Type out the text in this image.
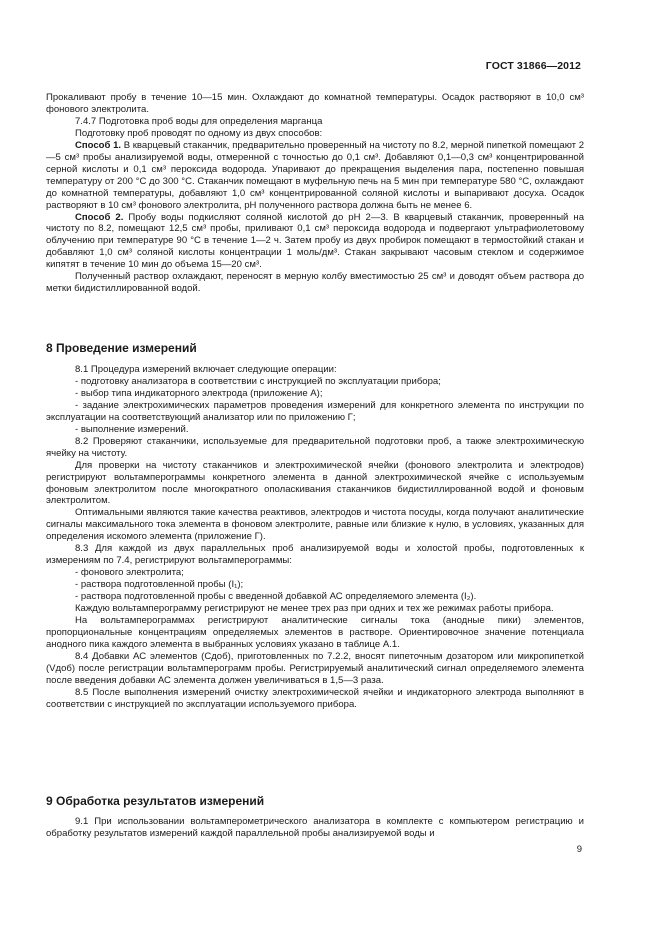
ГОСТ 31866—2012

Прокаливают пробу в течение 10—15 мин. Охлаждают до комнатной температуры. Осадок растворяют в 10,0 см³ фонового электролита.

7.4.7 Подготовка проб воды для определения марганца

Подготовку проб проводят по одному из двух способов:

Способ 1. В кварцевый стаканчик, предварительно проверенный на чистоту по 8.2, мерной пипеткой помещают 2—5 см³ пробы анализируемой воды, отмеренной с точностью до 0,1 см³. Добавляют 0,1—0,3 см³ концентрированной серной кислоты и 0,1 см³ пероксида водорода. Упаривают до прекращения выделения пара, постепенно повышая температуру от 200 °С до 300 °С. Стаканчик помещают в муфельную печь на 5 мин при температуре 580 °С, охлаждают до комнатной температуры, добавляют 1,0 см³ концентрированной соляной кислоты и выпаривают досуха. Осадок растворяют в 10 см³ фонового электролита, рН полученного раствора должна быть не менее 6.

Способ 2. Пробу воды подкисляют соляной кислотой до рН 2—3. В кварцевый стаканчик, проверенный на чистоту по 8.2, помещают 12,5 см³ пробы, приливают 0,1 см³ пероксида водорода и подвергают ультрафиолетовому облучению при температуре 90 °С в течение 1—2 ч. Затем пробу из двух пробирок помещают в термостойкий стакан и добавляют 1,0 см³ соляной кислоты концентрации 1 моль/дм³. Стакан закрывают часовым стеклом и содержимое кипятят в течение 10 мин до объема 15—20 см³.

Полученный раствор охлаждают, переносят в мерную колбу вместимостью 25 см³ и доводят объем раствора до метки бидистиллированной водой.

8 Проведение измерений

8.1 Процедура измерений включает следующие операции:

- подготовку анализатора в соответствии с инструкцией по эксплуатации прибора;

- выбор типа индикаторного электрода (приложение А);

- задание электрохимических параметров проведения измерений для конкретного элемента по инструкции по эксплуатации на соответствующий анализатор или по приложению Г;

- выполнение измерений.

8.2 Проверяют стаканчики, используемые для предварительной подготовки проб, а также электрохимическую ячейку на чистоту.

Для проверки на чистоту стаканчиков и электрохимической ячейки (фонового электролита и электродов) регистрируют вольтамперограммы конкретного элемента в данной электрохимической ячейке с используемым фоновым электролитом после многократного ополаскивания стаканчиков бидистиллированной водой и фоновым электролитом.

Оптимальными являются такие качества реактивов, электродов и чистота посуды, когда получают аналитические сигналы максимального тока элемента в фоновом электролите, равные или близкие к нулю, в условиях, указанных для определения искомого элемента (приложение Г).

8.3 Для каждой из двух параллельных проб анализируемой воды и холостой пробы, подготовленных к измерениям по 7.4, регистрируют вольтамперограммы:

- фонового электролита;

- раствора подготовленной пробы (I₁);

- раствора подготовленной пробы с введенной добавкой АС определяемого элемента (I₂).

Каждую вольтамперограмму регистрируют не менее трех раз при одних и тех же режимах работы прибора.

На вольтамперограммах регистрируют аналитические сигналы тока (анодные пики) элементов, пропорциональные концентрациям определяемых элементов в растворе. Ориентировочное значение потенциала анодного пика каждого элемента в выбранных условиях указано в таблице А.1.

8.4 Добавки АС элементов (Сдоб), приготовленных по 7.2.2, вносят пипеточным дозатором или микропипеткой (Vдоб) после регистрации вольтамперограмм пробы. Регистрируемый аналитический сигнал определяемого элемента после введения добавки АС элемента должен увеличиваться в 1,5—3 раза.

8.5 После выполнения измерений очистку электрохимической ячейки и индикаторного электрода выполняют в соответствии с инструкцией по эксплуатации используемого прибора.

9 Обработка результатов измерений

9.1 При использовании вольтамперометрического анализатора в комплекте с компьютером регистрацию и обработку результатов измерений каждой параллельной пробы анализируемой воды и

9
